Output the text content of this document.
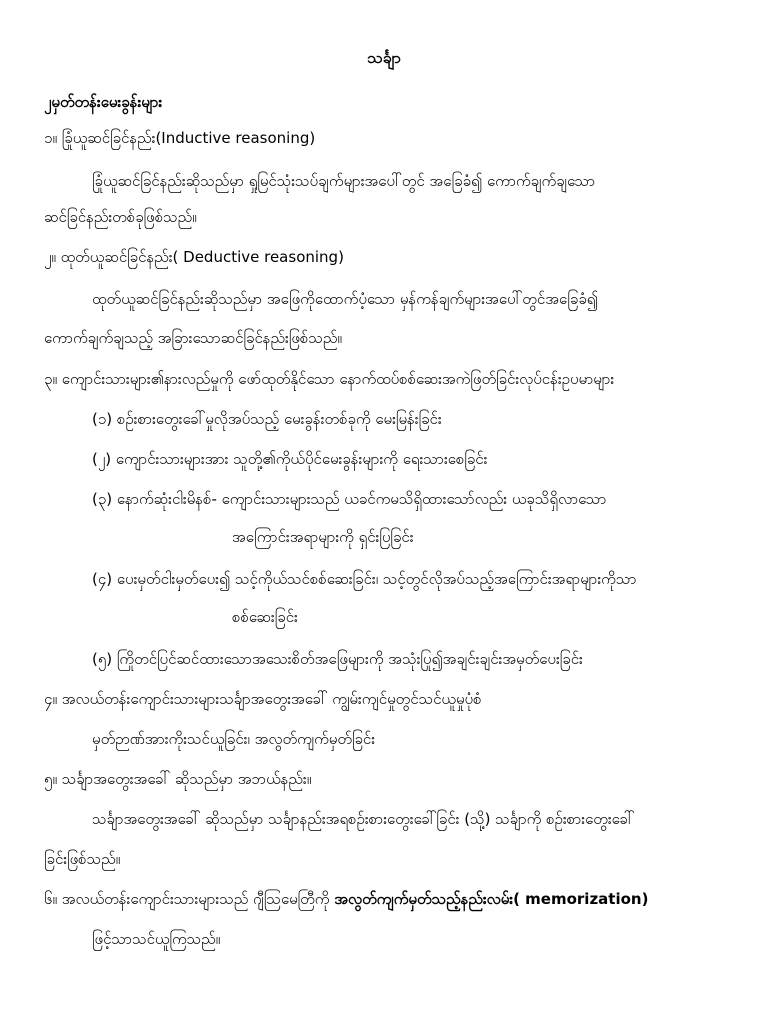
သင်္ချာ
၂မှတ်တန်းမေးခွန်းများ
၁။ ခြုံယူဆင်ခြင်နည်း(Inductive reasoning)
ခြုံယူဆင်ခြင်နည်းဆိုသည်မှာ ရှုမြင်သုံးသပ်ချက်များအပေါ်တွင် အခြေခံ၍ ကောက်ချက်ချသော
ဆင်ခြင်နည်းတစ်ခုဖြစ်သည်။
၂။ ထုတ်ယူဆင်ခြင်နည်း( Deductive reasoning)
ထုတ်ယူဆင်ခြင်နည်းဆိုသည်မှာ အဖြေကိုထောက်ပံ့သော မှန်ကန်ချက်များအပေါ်တွင်အခြေခံ၍
ကောက်ချက်ချသည့် အခြားသောဆင်ခြင်နည်းဖြစ်သည်။
၃။ ကျောင်းသားများ၏နားလည်မှုကို ဖော်ထုတ်နိုင်သော နောက်ထပ်စစ်ဆေးအကဲဖြတ်ခြင်းလုပ်ငန်းဥပမာများ
(၁) စဉ်းစားတွေးခေါ်မှုလိုအပ်သည့် မေးခွန်းတစ်ခုကို မေးမြန်းခြင်း
(၂) ကျောင်းသားများအား သူတို့၏ကိုယ်ပိုင်မေးခွန်းများကို ရေးသားစေခြင်း
(၃) နောက်ဆုံးငါးမိနစ်- ကျောင်းသားများသည် ယခင်ကမသိရှိထားသော်လည်း ယခုသိရှိလာသော
အကြောင်းအရာများကို ရှင်းပြခြင်း
(၄) ပေးမှတ်ငါးမှတ်ပေး၍ သင့်ကိုယ်သင်စစ်ဆေးခြင်း၊ သင့်တွင်လိုအပ်သည့်အကြောင်းအရာများကိုသာ
စစ်ဆေးခြင်း
(၅) ကြိုတင်ပြင်ဆင်ထားသောအသေးစိတ်အဖြေများကို အသုံးပြု၍အချင်းချင်းအမှတ်ပေးခြင်း
၄။ အလယ်တန်းကျောင်းသားများသင်္ချာအတွေးအခေါ် ကျွမ်းကျင်မှုတွင်သင်ယူမှုပုံစံ
မှတ်ဉာဏ်အားကိုးသင်ယူခြင်း၊ အလွတ်ကျက်မှတ်ခြင်း
၅။ သင်္ချာအတွေးအခေါ် ဆိုသည်မှာ အဘယ်နည်း။
သင်္ချာအတွေးအခေါ် ဆိုသည်မှာ သင်္ချာနည်းအရစဉ်းစားတွေးခေါ်ခြင်း (သို့) သင်္ချာကို စဉ်းစားတွေးခေါ်
ခြင်းဖြစ်သည်။
၆။ အလယ်တန်းကျောင်းသားများသည် ဂျီဩမေတြီကို အလွတ်ကျက်မှတ်သည့်နည်းလမ်း( memorization)
ဖြင့်သာသင်ယူကြသည်။
